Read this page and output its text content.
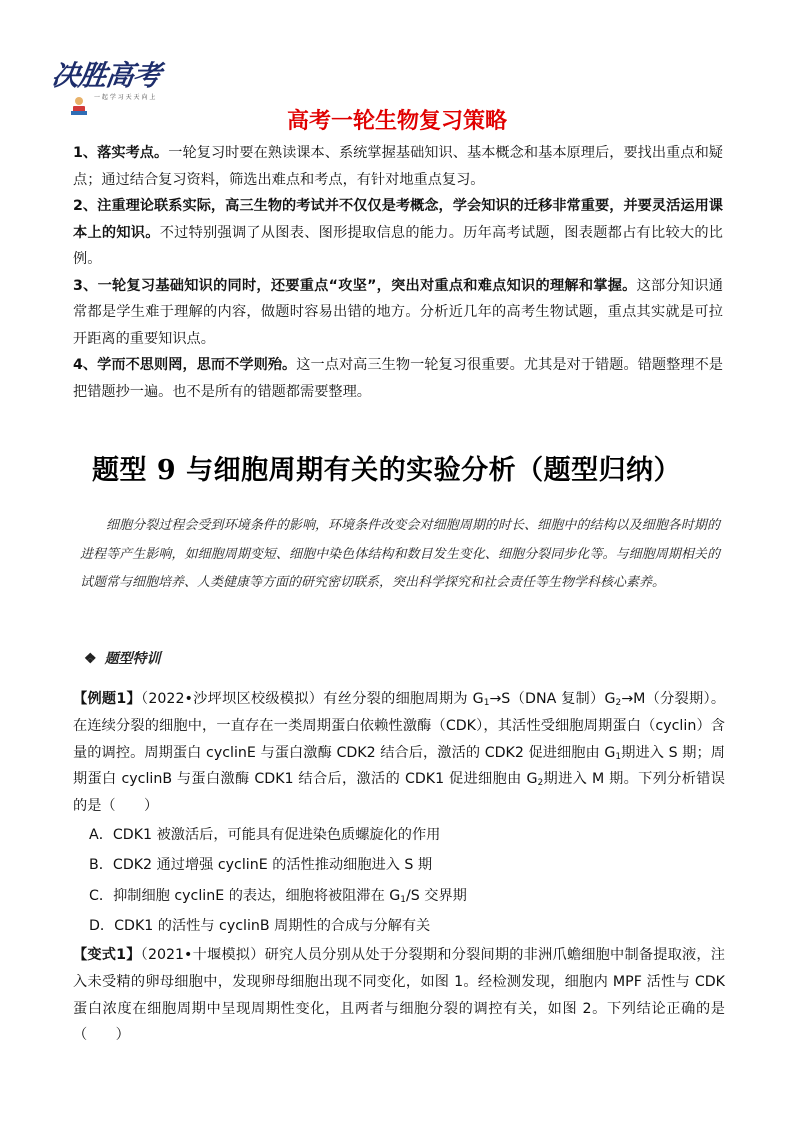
决胜高考
一 起 学 习 天 天 向 上
高考一轮生物复习策略

1、落实考点。一轮复习时要在熟读课本、系统掌握基础知识、基本概念和基本原理后，要找出重点和疑点；通过结合复习资料，筛选出难点和考点，有针对地重点复习。

2、注重理论联系实际，高三生物的考试并不仅仅是考概念，学会知识的迁移非常重要，并要灵活运用课本上的知识。不过特别强调了从图表、图形提取信息的能力。历年高考试题，图表题都占有比较大的比例。

3、一轮复习基础知识的同时，还要重点“攻坚”，突出对重点和难点知识的理解和掌握。这部分知识通常都是学生难于理解的内容，做题时容易出错的地方。分析近几年的高考生物试题，重点其实就是可拉开距离的重要知识点。

4、学而不思则罔，思而不学则殆。这一点对高三生物一轮复习很重要。尤其是对于错题。错题整理不是把错题抄一遍。也不是所有的错题都需要整理。

题型 9 与细胞周期有关的实验分析（题型归纳）
细胞分裂过程会受到环境条件的影响，环境条件改变会对细胞周期的时长、细胞中的结构以及细胞各时期的进程等产生影响，如细胞周期变短、细胞中染色体结构和数目发生变化、细胞分裂同步化等。与细胞周期相关的试题常与细胞培养、人类健康等方面的研究密切联系，突出科学探究和社会责任等生物学科核心素养。
❖ 题型特训

【例题1】（2022•沙坪坝区校级模拟）有丝分裂的细胞周期为 $G_1\to S(DNA$ 复制）$G_2\to M$（分裂期）。在连续分裂的细胞中，一直存在一类周期蛋白依赖性激酶（CDK），其活性受细胞周期蛋白（cyclin）含量的调控。周期蛋白 cyclinE 与蛋白激酶 CDK2 结合后，激活的 CDK2 促进细胞由 $G_1$期进入 S 期；周期蛋白 cyclinB 与蛋白激酶 CDK1 结合后，激活的 CDK1 促进细胞由 $G_2$期进入 M 期。下列分析错误的是（　　）

A．CDK1 被激活后，可能具有促进染色质螺旋化的作用
B．CDK2 通过增强 cyclinE 的活性推动细胞进入 S 期
C．抑制细胞 cyclinE 的表达，细胞将被阻滞在 $G_1/S$ 交界期
D．CDK1 的活性与 cyclinB 周期性的合成与分解有关

【变式1】（2021•十堰模拟）研究人员分别从处于分裂期和分裂间期的非洲爪蟾细胞中制备提取液，注入未受精的卵母细胞中，发现卵母细胞出现不同变化，如图 1。经检测发现，细胞内 MPF 活性与 CDK 蛋白浓度在细胞周期中呈现周期性变化，且两者与细胞分裂的调控有关，如图 2。下列结论正确的是（　　）
